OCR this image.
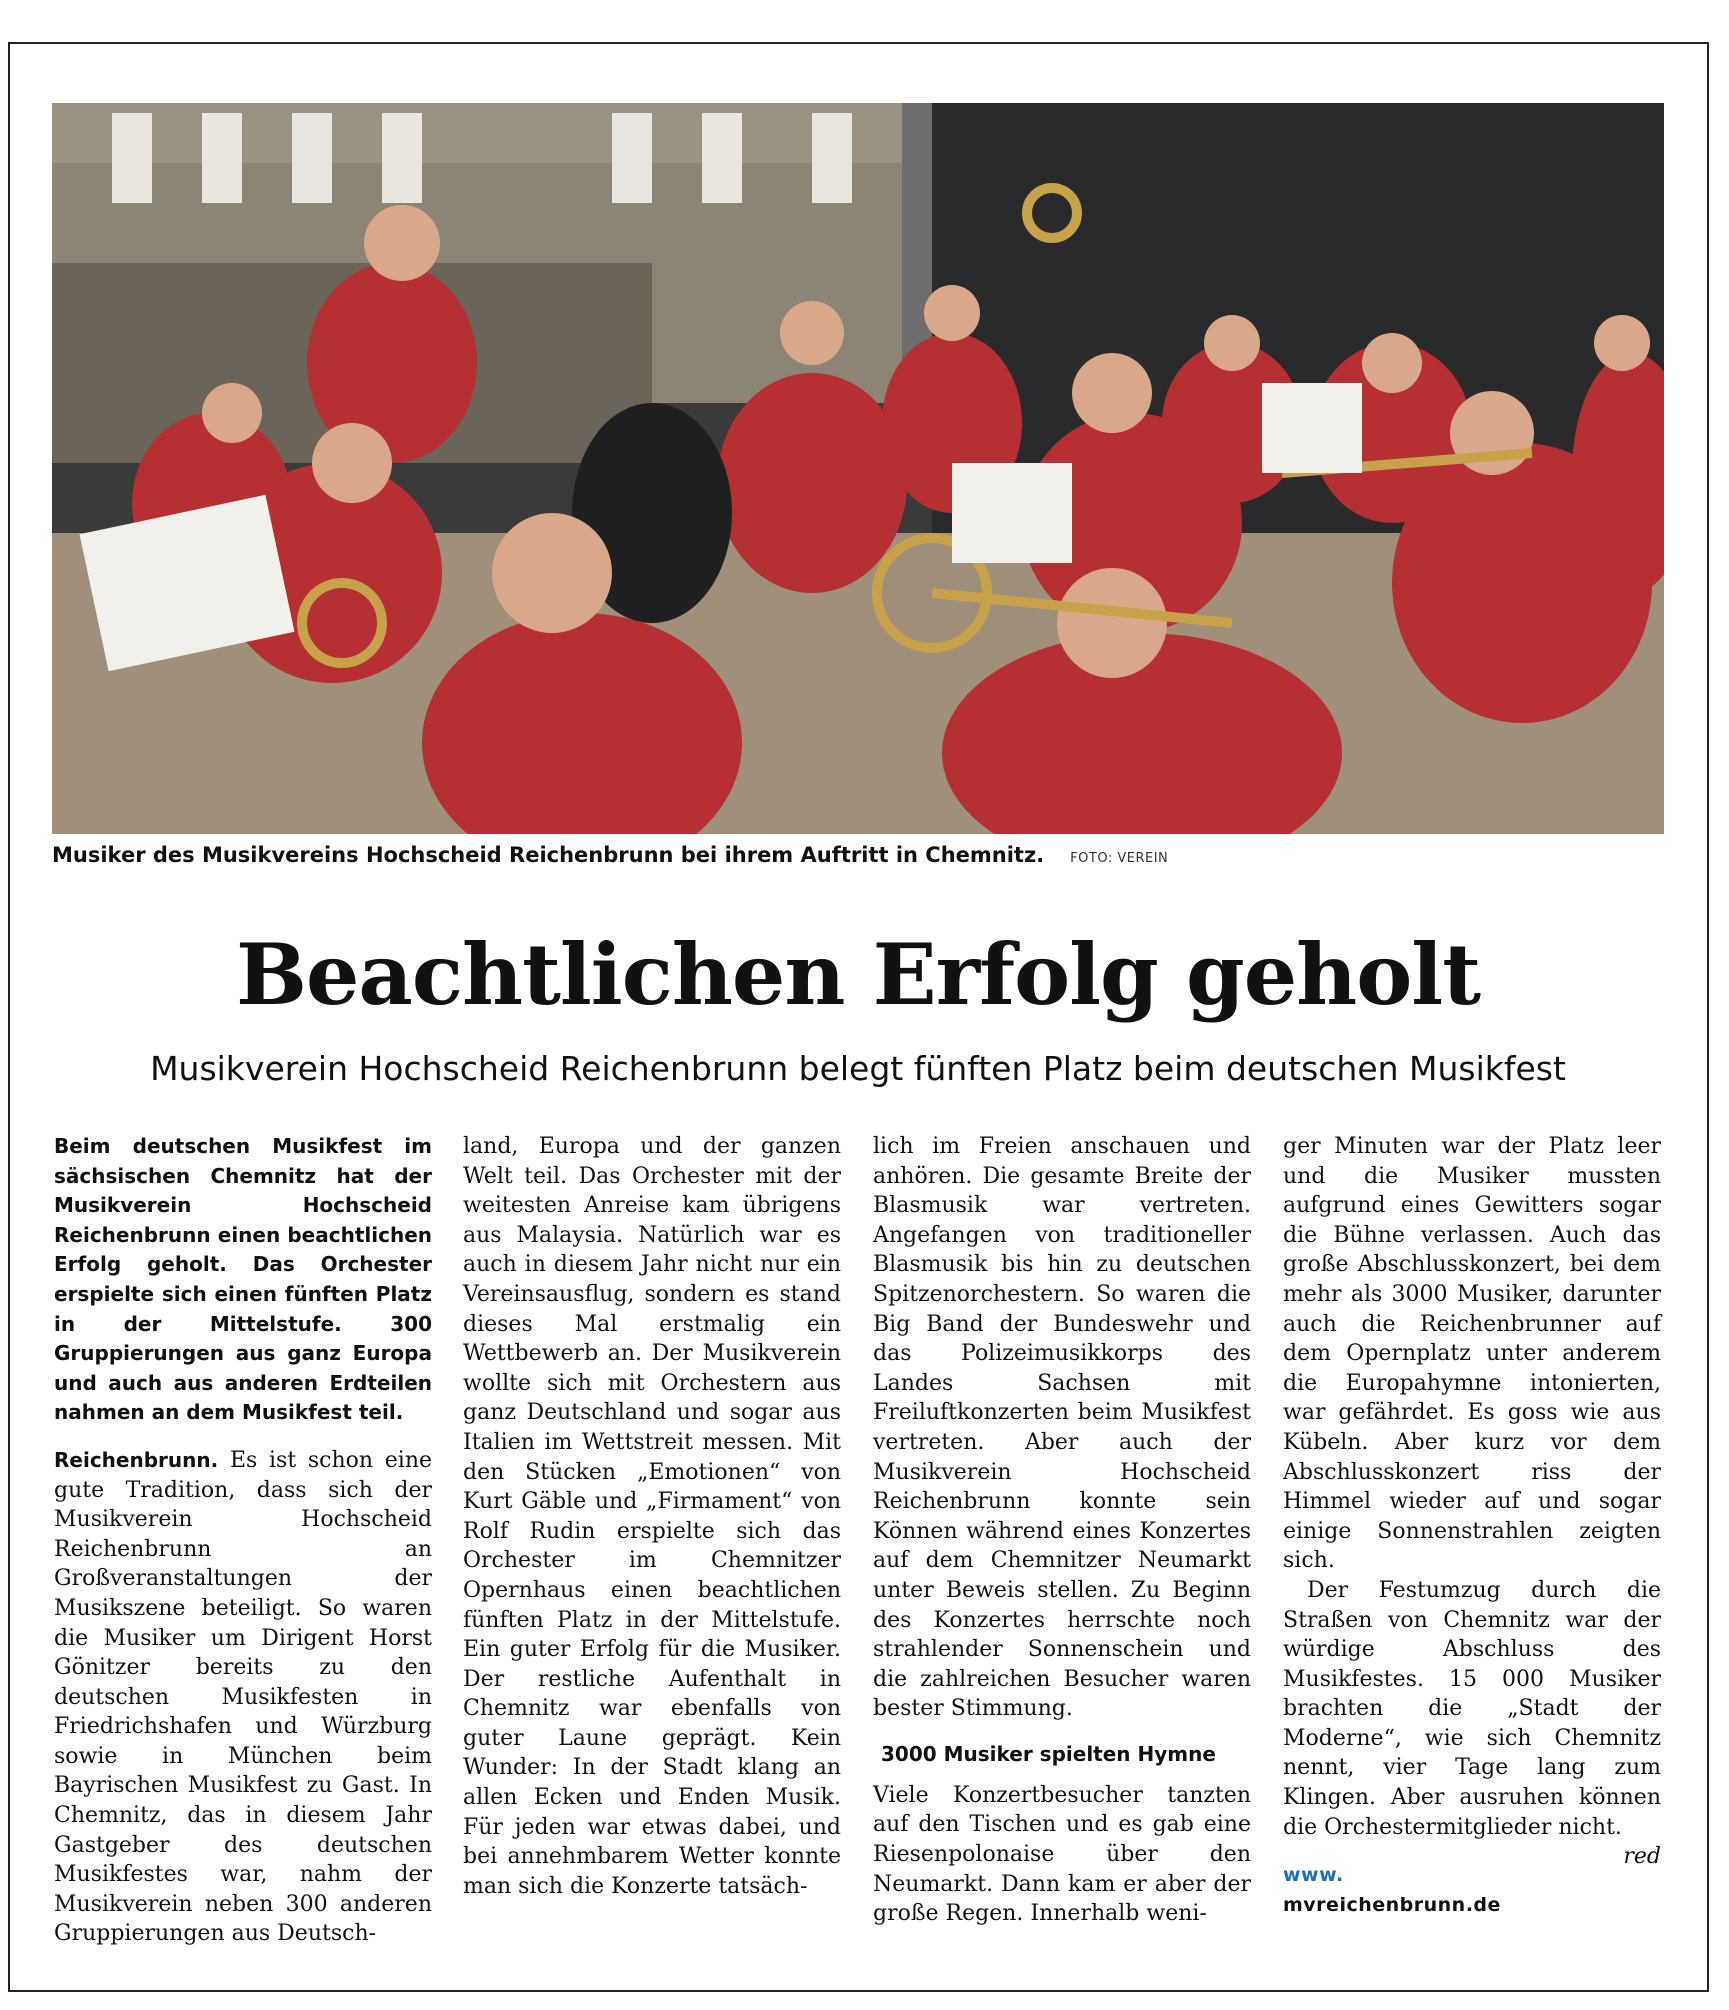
Musiker des Musikvereins Hochscheid Reichenbrunn bei ihrem Auftritt in Chemnitz. FOTO: VEREIN
Beachtlichen Erfolg geholt
Musikverein Hochscheid Reichenbrunn belegt fünften Platz beim deutschen Musikfest

Beim deutschen Musikfest im sächsischen Chemnitz hat der Musikverein Hochscheid Reichenbrunn einen beachtlichen Erfolg geholt. Das Orchester erspielte sich einen fünften Platz in der Mittelstufe. 300 Gruppierungen aus ganz Europa und auch aus anderen Erdteilen nahmen an dem Musikfest teil.

Reichenbrunn. Es ist schon eine gute Tradition, dass sich der Musikverein Hochscheid Reichenbrunn an Großveranstaltungen der Musikszene beteiligt. So waren die Musiker um Dirigent Horst Gönitzer bereits zu den deutschen Musikfesten in Friedrichshafen und Würzburg sowie in München beim Bayrischen Musikfest zu Gast. In Chemnitz, das in diesem Jahr Gastgeber des deutschen Musikfestes war, nahm der Musikverein neben 300 anderen Gruppierungen aus Deutsch-

land, Europa und der ganzen Welt teil. Das Orchester mit der weitesten Anreise kam übrigens aus Malaysia. Natürlich war es auch in diesem Jahr nicht nur ein Vereinsausflug, sondern es stand dieses Mal erstmalig ein Wettbewerb an. Der Musikverein wollte sich mit Orchestern aus ganz Deutschland und sogar aus Italien im Wettstreit messen. Mit den Stücken „Emotionen“ von Kurt Gäble und „Firmament“ von Rolf Rudin erspielte sich das Orchester im Chemnitzer Opernhaus einen beachtlichen fünften Platz in der Mittelstufe. Ein guter Erfolg für die Musiker. Der restliche Aufenthalt in Chemnitz war ebenfalls von guter Laune geprägt. Kein Wunder: In der Stadt klang an allen Ecken und Enden Musik. Für jeden war etwas dabei, und bei annehmbarem Wetter konnte man sich die Konzerte tatsäch-

lich im Freien anschauen und anhören. Die gesamte Breite der Blasmusik war vertreten. Angefangen von traditioneller Blasmusik bis hin zu deutschen Spitzenorchestern. So waren die Big Band der Bundeswehr und das Polizeimusikkorps des Landes Sachsen mit Freiluftkonzerten beim Musikfest vertreten. Aber auch der Musikverein Hochscheid Reichenbrunn konnte sein Können während eines Konzertes auf dem Chemnitzer Neumarkt unter Beweis stellen. Zu Beginn des Konzertes herrschte noch strahlender Sonnenschein und die zahlreichen Besucher waren bester Stimmung.

3000 Musiker spielten Hymne

Viele Konzertbesucher tanzten auf den Tischen und es gab eine Riesenpolonaise über den Neumarkt. Dann kam er aber der große Regen. Innerhalb weni-

ger Minuten war der Platz leer und die Musiker mussten aufgrund eines Gewitters sogar die Bühne verlassen. Auch das große Abschlusskonzert, bei dem mehr als 3000 Musiker, darunter auch die Reichenbrunner auf dem Opernplatz unter anderem die Europahymne intonierten, war gefährdet. Es goss wie aus Kübeln. Aber kurz vor dem Abschlusskonzert riss der Himmel wieder auf und sogar einige Sonnenstrahlen zeigten sich.

Der Festumzug durch die Straßen von Chemnitz war der würdige Abschluss des Musikfestes. 15 000 Musiker brachten die „Stadt der Moderne“, wie sich Chemnitz nennt, vier Tage lang zum Klingen. Aber ausruhen können die Orchestermitglieder nicht.
red

www.
mvreichenbrunn.de
